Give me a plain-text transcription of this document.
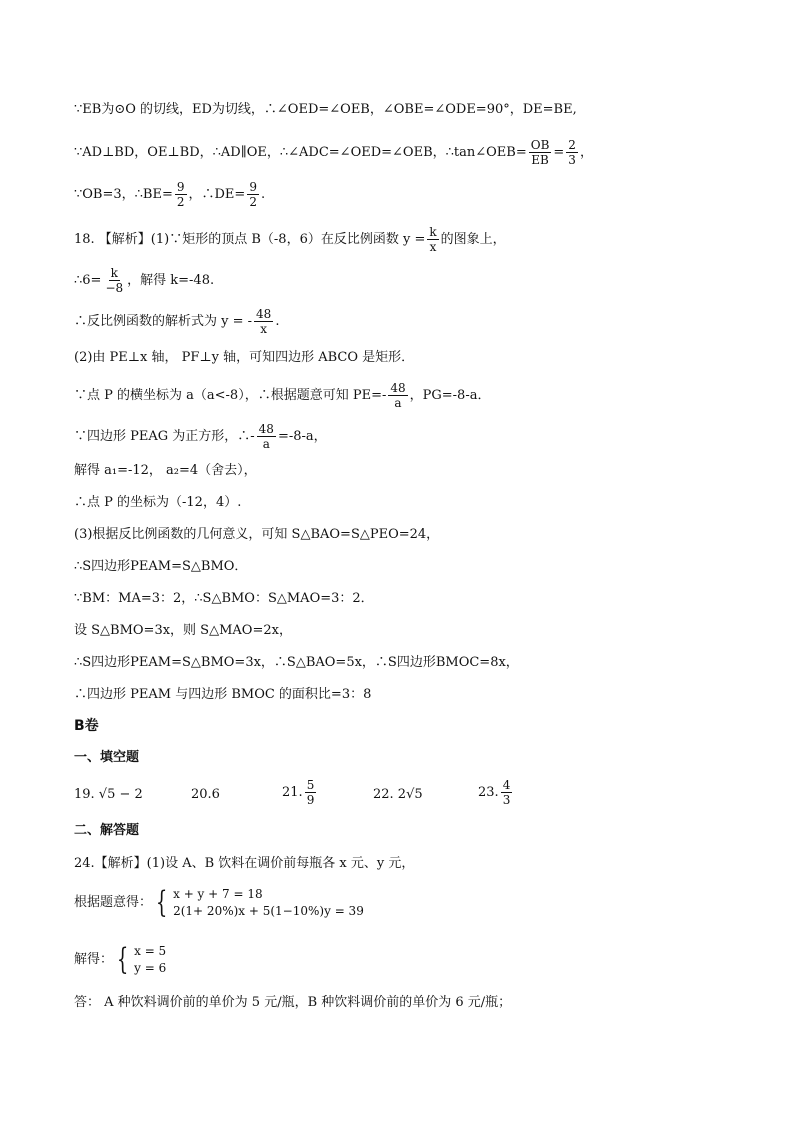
∵EB为⊙O 的切线，ED为切线，∴∠OED=∠OEB，∠OBE=∠ODE=90°，DE=BE,
∵AD⊥BD，OE⊥BD，∴AD∥OE，∴∠ADC=∠OED=∠OEB，∴tan∠OEB= $\frac{OB}{EB} = \frac{2}{3}$ ，
∵OB=3，∴BE= $\frac{9}{2}$ ，∴DE= $\frac{9}{2}$ .
18. 【解析】(1)∵矩形的顶点 B（-8，6）在反比例函数 $y = \frac{k}{x}$ 的图象上，
∴6= $\frac{k}{-8}$ ，解得 k=-48.
∴反比例函数的解析式为 y = - $\frac{48}{x}$ .
(2)由 PE⊥x 轴， PF⊥y 轴，可知四边形 ABCO 是矩形．
∵点 P 的横坐标为 a（a<-8），∴根据题意可知 $PE=- \frac{48}{a}$ ，PG=-8-a．
∵四边形 PEAG 为正方形，∴- $\frac{48}{a} =-8-a$，
解得 a₁=-12， a₂=4（舍去），
∴点 P 的坐标为（-12，4）.
(3)根据反比例函数的几何意义，可知 S△BAO=S△PEO=24，
∴S四边形PEAM=S△BMO．
∵BM：MA=3：2，∴S△BMO：S△MAO=3：2．
设 S△BMO=3x，则 S△MAO=2x，
∴S四边形PEAM=S△BMO=3x，∴S△BAO=5x，∴S四边形BMOC=8x，
∴四边形 PEAM 与四边形 BMOC 的面积比=3：8
B卷
一、填空题
19. √5 − 2	20.6	21. $\frac{5}{9}$	22. 2√5	23. $\frac{4}{3}$
二、解答题
24.【解析】(1)设 A、B 饮料在调价前每瓶各 x 元、y 元，
根据题意得： { x + y + 7 = 18
2(1+ 20%)x + 5(1−10%)y = 39
解得： { x = 5
y = 6
答： A 种饮料调价前的单价为 5 元/瓶，B 种饮料调价前的单价为 6 元/瓶；
